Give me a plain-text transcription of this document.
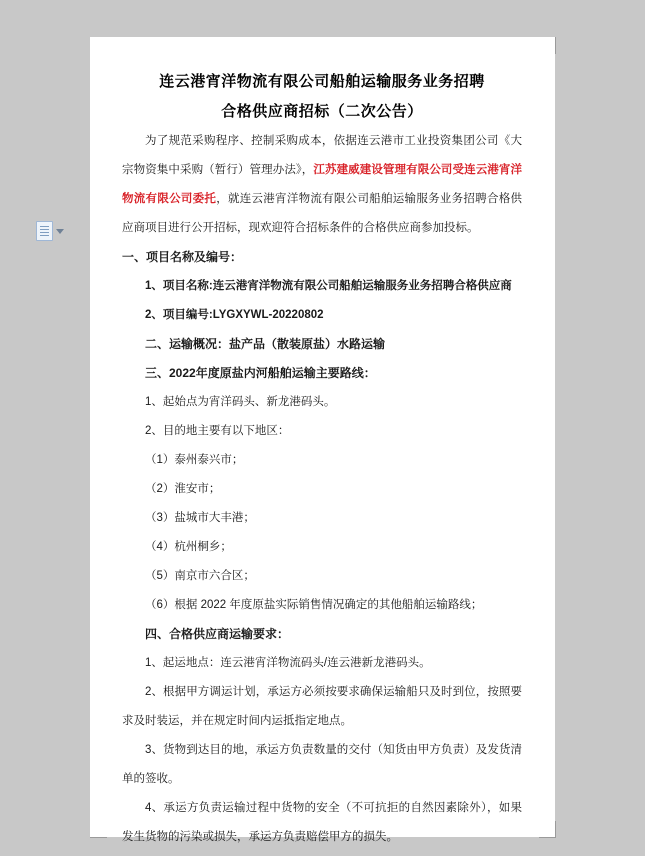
连云港宵洋物流有限公司船舶运输服务业务招聘
合格供应商招标（二次公告）

为了规范采购程序、控制采购成本，依据连云港市工业投资集团公司《大宗物资集中采购（暂行）管理办法》，江苏建威建设管理有限公司受连云港宵洋物流有限公司委托，就连云港宵洋物流有限公司船舶运输服务业务招聘合格供应商项目进行公开招标，现欢迎符合招标条件的合格供应商参加投标。

一、项目名称及编号：

1、项目名称:连云港宵洋物流有限公司船舶运输服务业务招聘合格供应商

2、项目编号:LYGXYWL-20220802

二、运输概况：盐产品（散装原盐）水路运输

三、2022年度原盐内河船舶运输主要路线：

1、起始点为宵洋码头、新龙港码头。

2、目的地主要有以下地区：

（1）泰州泰兴市；

（2）淮安市；

（3）盐城市大丰港；

（4）杭州桐乡；

（5）南京市六合区；

（6）根据 2022 年度原盐实际销售情况确定的其他船舶运输路线；

四、合格供应商运输要求：

1、起运地点：连云港宵洋物流码头/连云港新龙港码头。

2、根据甲方调运计划，承运方必须按要求确保运输船只及时到位，按照要求及时装运，并在规定时间内运抵指定地点。

3、货物到达目的地，承运方负责数量的交付（知货由甲方负责）及发货清单的签收。

4、承运方负责运输过程中货物的安全（不可抗拒的自然因素除外），如果发生货物的污染或损失，承运方负责赔偿甲方的损失。
